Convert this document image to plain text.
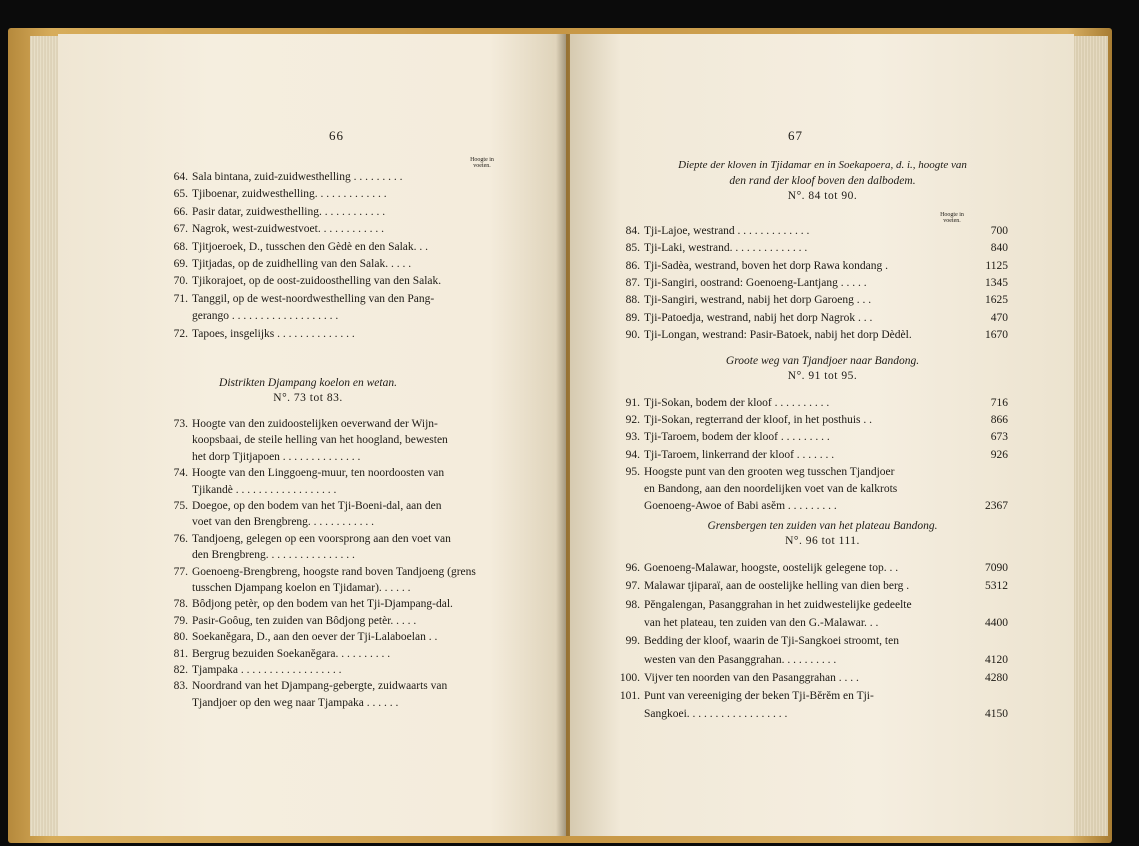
66
Hoogte in voeten.
64. Sala bintana, zuid-zuidwesthelling . . . . . . . . .
65. Tjiboenar, zuidwesthelling. . . . . . . . . . . . .
66. Pasir datar, zuidwesthelling. . . . . . . . . . . .
67. Nagrok, west-zuidwestvoet. . . . . . . . . . . .
68. Tjitjoeroek, D., tusschen den Gèdè en den Salak. . .
69. Tjitjadas, op de zuidhelling van den Salak. . . . .
70. Tjikorajoet, op de oost-zuidoosthelling van den Salak.
71. Tanggil, op de west-noordwesthelling van den Pang-
gerango . . . . . . . . . . . . . . . . . . .
72. Tapoes, insgelijks . . . . . . . . . . . . . .
Distrikten Djampang koelon en wetan.
N°. 73 tot 83.
73. Hoogte van den zuidoostelijken oeverwand der Wijn-
koopsbaai, de steile helling van het hoogland, bewesten
het dorp Tjitjapoen . . . . . . . . . . . . . .
74. Hoogte van den Linggoeng-muur, ten noordoosten van
Tjikandè . . . . . . . . . . . . . . . . . .
75. Doegoe, op den bodem van het Tji-Boeni-dal, aan den
voet van den Brengbreng. . . . . . . . . . . .
76. Tandjoeng, gelegen op een voorsprong aan den voet van
den Brengbreng. . . . . . . . . . . . . . . .
77. Goenoeng-Brengbreng, hoogste rand boven Tandjoeng (grens
tusschen Djampang koelon en Tjidamar). . . . . .
78. Bôdjong petèr, op den bodem van het Tji-Djampang-dal.
79. Pasir-Goôug, ten zuiden van Bôdjong petèr. . . . .
80. Soekanĕgara, D., aan den oever der Tji-Lalaboelan . .
81. Bergrug bezuiden Soekanĕgara. . . . . . . . . .
82. Tjampaka . . . . . . . . . . . . . . . . . .
83. Noordrand van het Djampang-gebergte, zuidwaarts van
Tjandjoer op den weg naar Tjampaka . . . . . .
67
Diepte der kloven in Tjidamar en in Soekapoera, d. i., hoogte van
den rand der kloof boven den dalbodem.
N°. 84 tot 90.
Hoogte in voeten.
84. Tji-Lajoe, westrand . . . . . . . . . . . . .	700
85. Tji-Laki, westrand. . . . . . . . . . . . . .	840
86. Tji-Sadèa, westrand, boven het dorp Rawa kondang .	1125
87. Tji-Sangiri, oostrand: Goenoeng-Lantjang . . . . .	1345
88. Tji-Sangiri, westrand, nabij het dorp Garoeng . . .	1625
89. Tji-Patoedja, westrand, nabij het dorp Nagrok . . .	470
90. Tji-Longan, westrand: Pasir-Batoek, nabij het dorp Dèdèl.	1670
Groote weg van Tjandjoer naar Bandong.
N°. 91 tot 95.
91. Tji-Sokan, bodem der kloof . . . . . . . . . .	716
92. Tji-Sokan, regterrand der kloof, in het posthuis . .	866
93. Tji-Taroem, bodem der kloof . . . . . . . . .	673
94. Tji-Taroem, linkerrand der kloof . . . . . . .	926
95. Hoogste punt van den grooten weg tusschen Tjandjoer
en Bandong, aan den noordelijken voet van de kalkrots
Goenoeng-Awoe of Babi asĕm . . . . . . . . .	2367
Grensbergen ten zuiden van het plateau Bandong.
N°. 96 tot 111.
96. Goenoeng-Malawar, hoogste, oostelijk gelegene top. . .	7090
97. Malawar tjiparaï, aan de oostelijke helling van dien berg .	5312
98. Pĕngalengan, Pasanggrahan in het zuidwestelijke gedeelte
van het plateau, ten zuiden van den G.-Malawar. . .	4400
99. Bedding der kloof, waarin de Tji-Sangkoei stroomt, ten
westen van den Pasanggrahan. . . . . . . . . .	4120
100. Vijver ten noorden van den Pasanggrahan . . . .	4280
101. Punt van vereeniging der beken Tji-Bĕrĕm en Tji-
Sangkoei. . . . . . . . . . . . . . . . . .	4150
